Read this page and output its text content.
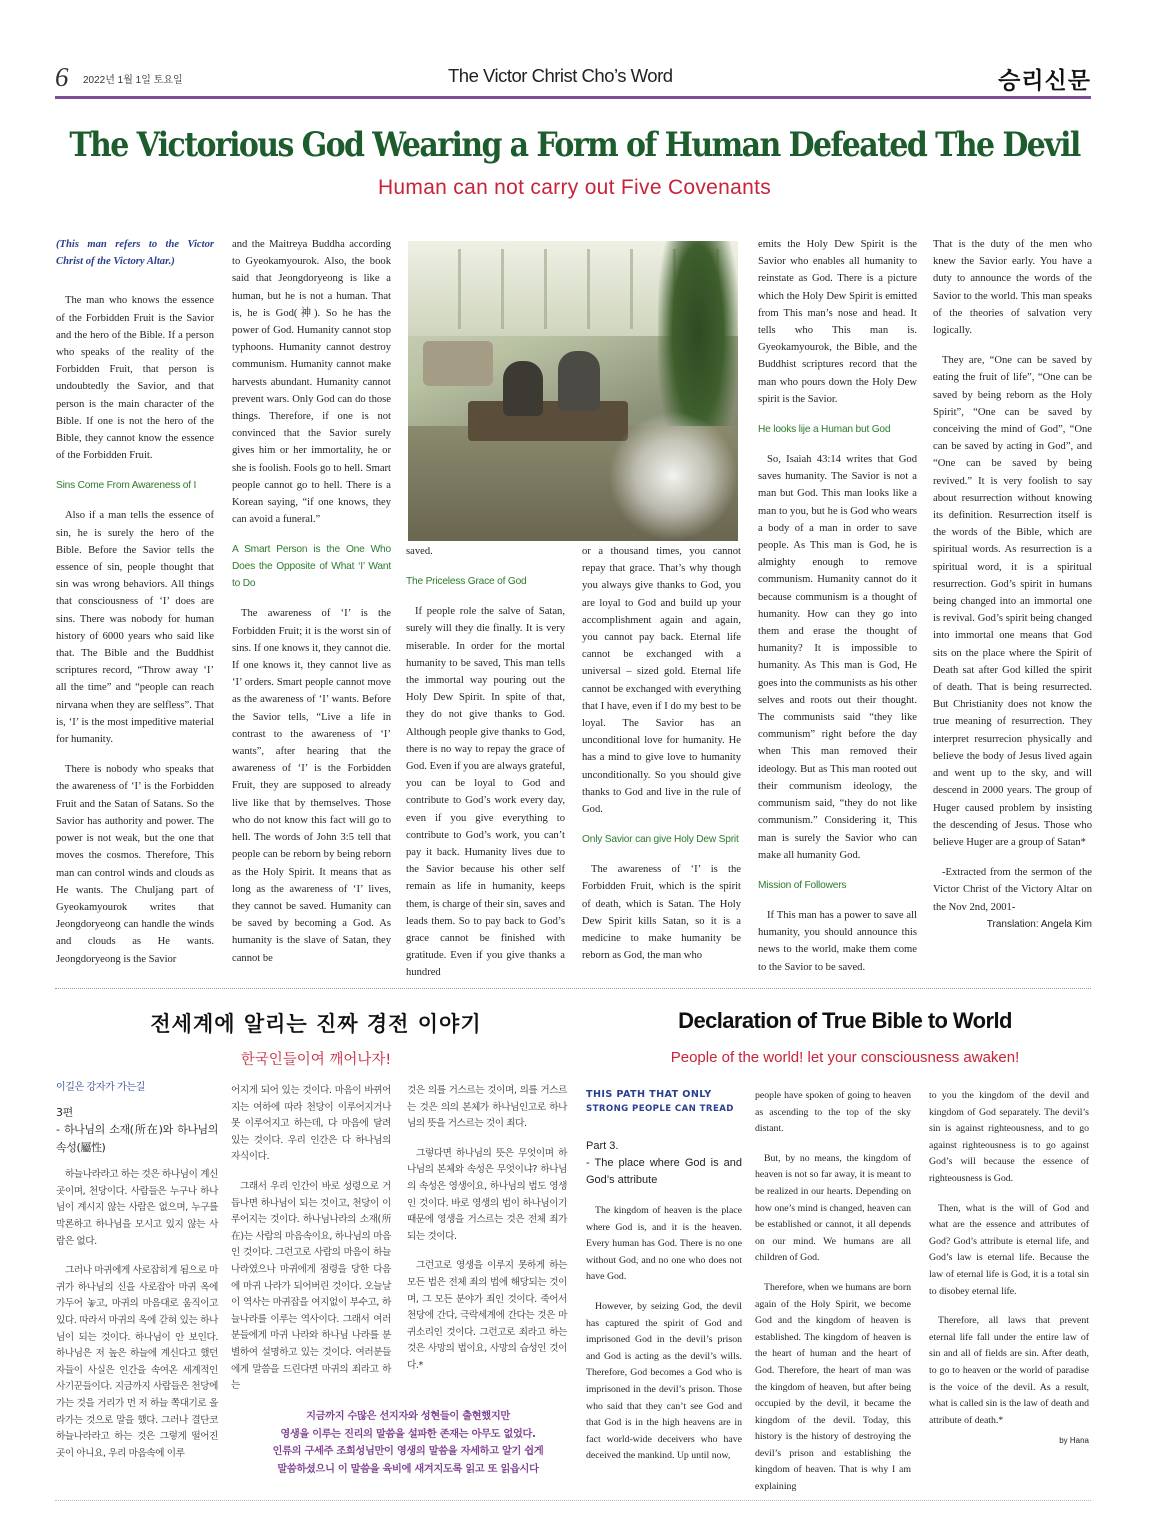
6 2022년 1월 1일 토요일	The Victor Christ Cho’s Word	승리신문
The Victorious God Wearing a Form of Human Defeated The Devil
Human can not carry out Five Covenants

(This man refers to the Victor Christ of the Victory Altar.)

The man who knows the essence of the Forbidden Fruit is the Savior and the hero of the Bible. If a person who speaks of the reality of the Forbidden Fruit, that person is undoubtedly the Savior, and that person is the main character of the Bible. If one is not the hero of the Bible, they cannot know the essence of the Forbidden Fruit.

Sins Come From Awareness of I

Also if a man tells the essence of sin, he is surely the hero of the Bible. Before the Savior tells the essence of sin, people thought that sin was wrong behaviors. All things that consciousness of ‘I’ does are sins. There was nobody for human history of 6000 years who said like that. The Bible and the Buddhist scriptures record, “Throw away ‘I’ all the time” and “people can reach nirvana when they are selfless”. That is, ‘I’ is the most impeditive material for humanity.

There is nobody who speaks that the awareness of ‘I’ is the Forbidden Fruit and the Satan of Satans. So the Savior has authority and power. The power is not weak, but the one that moves the cosmos. Therefore, This man can control winds and clouds as He wants. The Chuljang part of Gyeokamyourok writes that Jeongdoryeong can handle the winds and clouds as He wants. Jeongdoryeong is the Savior

and the Maitreya Buddha according to Gyeokamyourok. Also, the book said that Jeongdoryeong is like a human, but he is not a human. That is, he is God(神). So he has the power of God. Humanity cannot stop typhoons. Humanity cannot destroy communism. Humanity cannot make harvests abundant. Humanity cannot prevent wars. Only God can do those things. Therefore, if one is not convinced that the Savior surely gives him or her immortality, he or she is foolish. Fools go to hell. Smart people cannot go to hell. There is a Korean saying, “if one knows, they can avoid a funeral.”

A Smart Person is the One Who Does the Opposite of What ‘I’ Want to Do

The awareness of ‘I’ is the Forbidden Fruit; it is the worst sin of sins. If one knows it, they cannot die. If one knows it, they cannot live as ‘I’ orders. Smart people cannot move as the awareness of ‘I’ wants. Before the Savior tells, “Live a life in contrast to the awareness of ‘I’ wants”, after hearing that the awareness of ‘I’ is the Forbidden Fruit, they are supposed to already live like that by themselves. Those who do not know this fact will go to hell. The words of John 3:5 tell that people can be reborn by being reborn as the Holy Spirit. It means that as long as the awareness of ‘I’ lives, they cannot be saved. Humanity can be saved by becoming a God. As humanity is the slave of Satan, they cannot be

saved.

The Priceless Grace of God

If people role the salve of Satan, surely will they die finally. It is very miserable. In order for the mortal humanity to be saved, This man tells the immortal way pouring out the Holy Dew Spirit. In spite of that, they do not give thanks to God. Although people give thanks to God, there is no way to repay the grace of God. Even if you are always grateful, you can be loyal to God and contribute to God’s work every day, even if you give everything to contribute to God’s work, you can’t pay it back. Humanity lives due to the Savior because his other self remain as life in humanity, keeps them, is charge of their sin, saves and leads them. So to pay back to God’s grace cannot be finished with gratitude. Even if you give thanks a hundred

or a thousand times, you cannot repay that grace. That’s why though you always give thanks to God, you are loyal to God and build up your accomplishment again and again, you cannot pay back. Eternal life cannot be exchanged with a universal – sized gold. Eternal life cannot be exchanged with everything that I have, even if I do my best to be loyal. The Savior has an unconditional love for humanity. He has a mind to give love to humanity unconditionally. So you should give thanks to God and live in the rule of God.

Only Savior can give Holy Dew Sprit

The awareness of ‘I’ is the Forbidden Fruit, which is the spirit of death, which is Satan. The Holy Dew Spirit kills Satan, so it is a medicine to make humanity be reborn as God, the man who

emits the Holy Dew Spirit is the Savior who enables all humanity to reinstate as God. There is a picture which the Holy Dew Spirit is emitted from This man’s nose and head. It tells who This man is. Gyeokamyourok, the Bible, and the Buddhist scriptures record that the man who pours down the Holy Dew spirit is the Savior.

He looks lije a Human but God

So, Isaiah 43:14 writes that God saves humanity. The Savior is not a man but God. This man looks like a man to you, but he is God who wears a body of a man in order to save people. As This man is God, he is almighty enough to remove communism. Humanity cannot do it because communism is a thought of humanity. How can they go into them and erase the thought of humanity? It is impossible to humanity. As This man is God, He goes into the communists as his other selves and roots out their thought. The communists said “they like communism” right before the day when This man removed their ideology. But as This man rooted out their communism ideology, the communism said, “they do not like communism.” Considering it, This man is surely the Savior who can make all humanity God.

Mission of Followers

If This man has a power to save all humanity, you should announce this news to the world, make them come to the Savior to be saved.

That is the duty of the men who knew the Savior early. You have a duty to announce the words of the Savior to the world. This man speaks of the theories of salvation very logically.

They are, “One can be saved by eating the fruit of life”, “One can be saved by being reborn as the Holy Spirit”, “One can be saved by conceiving the mind of God”, “One can be saved by acting in God”, and “One can be saved by being revived.” It is very foolish to say about resurrection without knowing its definition. Resurrection itself is the words of the Bible, which are spiritual words. As resurrection is a spiritual word, it is a spiritual resurrection. God’s spirit in humans being changed into an immortal one is revival. God’s spirit being changed into immortal one means that God sits on the place where the Spirit of Death sat after God killed the spirit of death. That is being resurrected. But Christianity does not know the true meaning of resurrection. They interpret resurrecion physically and believe the body of Jesus lived again and went up to the sky, and will descend in 2000 years. The group of Huger caused problem by insisting the descending of Jesus. Those who believe Huger are a group of Satan*

-Extracted from the sermon of the Victor Christ of the Victory Altar on the Nov 2nd, 2001-

Translation: Angela Kim
전세계에 알리는 진짜 경전 이야기
한국인들이여 깨어나자!
이길은 강자가 가는길
3편
- 하나님의 소재(所在)와 하나님의 속성(屬性)

하늘나라라고 하는 것은 하나님이 계신 곳이며, 천당이다. 사람들은 누구나 하나님이 계시지 않는 사람은 없으며, 누구를 막론하고 하나님을 모시고 있지 않는 사람은 없다.

그러나 마귀에게 사로잡히게 됨으로 마귀가 하나님의 신을 사로잡아 마귀 옥에 가두어 놓고, 마귀의 마음대로 움직이고 있다. 따라서 마귀의 옥에 갇혀 있는 하나님이 되는 것이다. 하나님이 안 보인다. 하나님은 저 높은 하늘에 계신다고 했던 자들이 사실은 인간을 속여온 세계적인 사기꾼들이다. 지금까지 사람들은 천당에 가는 것을 거리가 먼 저 하늘 쪽대기로 올라가는 것으로 말을 했다. 그러나 결단코 하늘나라라고 하는 것은 그렇게 떨어진 곳이 아니요, 우리 마음속에 이루

어지게 되어 있는 것이다. 마음이 바뀌어지는 여하에 따라 천당이 이루어지거나 못 이루어지고 하는데, 다 마음에 달려 있는 것이다. 우리 인간은 다 하나님의 자식이다.

그래서 우리 인간이 바로 성령으로 거듭나면 하나님이 되는 것이고, 천당이 이루어지는 것이다. 하나님나라의 소재(所在)는 사람의 마음속이요, 하나님의 마음인 것이다. 그런고로 사람의 마음이 하늘나라였으나 마귀에게 점령을 당한 다음에 마귀 나라가 되어버린 것이다. 오늘날 이 역사는 마귀잡을 여지없이 부수고, 하늘나라를 이루는 역사이다. 그래서 여러분들에게 마귀 나라와 하나님 나라를 분별하여 설명하고 있는 것이다. 여러분들에게 말씀을 드린다면 마귀의 죄라고 하는

것은 의를 거스르는 것이며, 의를 거스르는 것은 의의 본체가 하나님인고로 하나님의 뜻을 거스르는 것이 죄다.

그렇다면 하나님의 뜻은 무엇이며 하나님의 본체와 속성은 무엇이냐? 하나님의 속성은 영생이요, 하나님의 법도 영생인 것이다. 바로 영생의 법이 하나님이기 때문에 영생을 거스르는 것은 전체 죄가 되는 것이다.

그런고로 영생을 이루지 못하게 하는 모든 법은 전체 죄의 법에 해당되는 것이며, 그 모든 분야가 죄인 것이다. 죽어서 천당에 간다, 극락세계에 간다는 것은 마귀소리인 것이다. 그런고로 죄라고 하는 것은 사망의 법이요, 사망의 습성인 것이다.*

지금까지 수많은 선지자와 성현들이 출현했지만
영생을 이루는 진리의 말씀을 설파한 존재는 아무도 없었다.
인류의 구세주 조희성님만이 영생의 말씀을 자세하고 알기 쉽게
말씀하셨으니 이 말씀을 육비에 새겨지도록 읽고 또 읽읍시다
Declaration of True Bible to World
People of the world! let your consciousness awaken!
THIS PATH THAT ONLY
STRONG PEOPLE CAN TREAD
Part 3.
- The place where God is and God’s attribute

The kingdom of heaven is the place where God is, and it is the heaven. Every human has God. There is no one without God, and no one who does not have God.

However, by seizing God, the devil has captured the spirit of God and imprisoned God in the devil’s prison and God is acting as the devil’s wills. Therefore, God becomes a God who is imprisoned in the devil’s prison. Those who said that they can’t see God and that God is in the high heavens are in fact world-wide deceivers who have deceived the mankind. Up until now,

people have spoken of going to heaven as ascending to the top of the sky distant.

But, by no means, the kingdom of heaven is not so far away, it is meant to be realized in our hearts. Depending on how one’s mind is changed, heaven can be established or cannot, it all depends on our mind. We humans are all children of God.

Therefore, when we humans are born again of the Holy Spirit, we become God and the kingdom of heaven is established. The kingdom of heaven is the heart of human and the heart of God. Therefore, the heart of man was the kingdom of heaven, but after being occupied by the devil, it became the kingdom of the devil. Today, this history is the history of destroying the devil’s prison and establishing the kingdom of heaven. That is why I am explaining

to you the kingdom of the devil and kingdom of God separately. The devil’s sin is against righteousness, and to go against righteousness is to go against God’s will because the essence of righteousness is God.

Then, what is the will of God and what are the essence and attributes of God? God’s attribute is eternal life, and God’s law is eternal life. Because the law of eternal life is God, it is a total sin to disobey eternal life.

Therefore, all laws that prevent eternal life fall under the entire law of sin and all of fields are sin. After death, to go to heaven or the world of paradise is the voice of the devil. As a result, what is called sin is the law of death and attribute of death.*

by Hana
